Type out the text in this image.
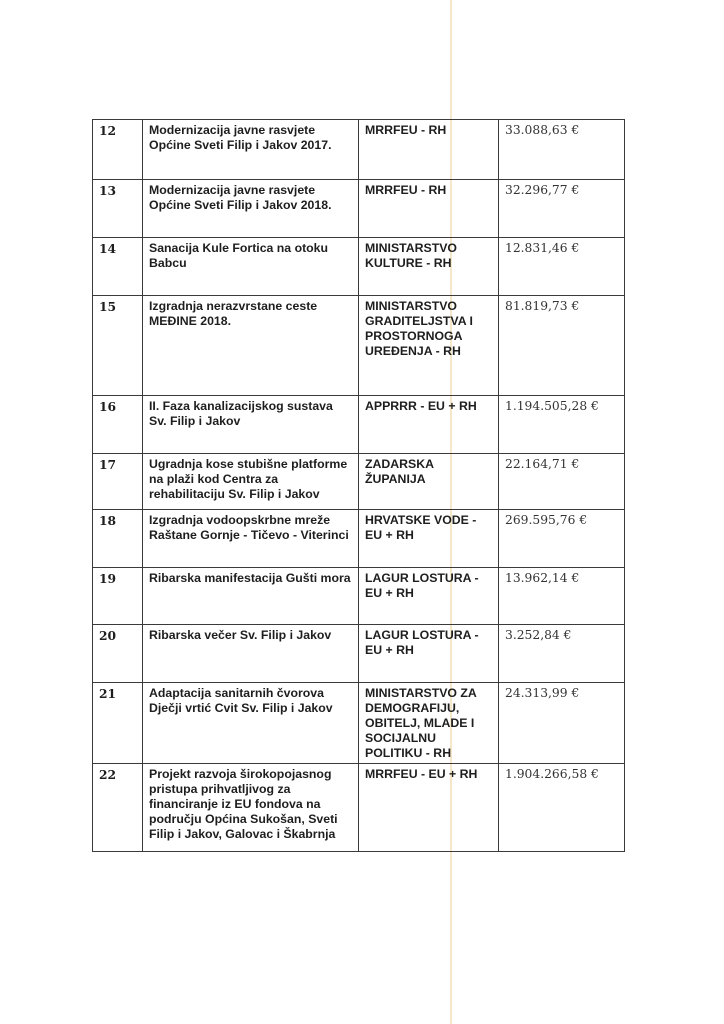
12	Modernizacija javne rasvjete Općine Sveti Filip i Jakov 2017.	MRRFEU - RH	33.088,63 €
13	Modernizacija javne rasvjete Općine Sveti Filip i Jakov 2018.	MRRFEU - RH	32.296,77 €
14	Sanacija Kule Fortica na otoku Babcu	MINISTARSTVO KULTURE - RH	12.831,46 €
15	Izgradnja nerazvrstane ceste MEĐINE 2018.	MINISTARSTVO GRADITELJSTVA I PROSTORNOGA UREĐENJA - RH	81.819,73 €
16	II. Faza kanalizacijskog sustava Sv. Filip i Jakov	APPRRR - EU + RH	1.194.505,28 €
17	Ugradnja kose stubišne platforme na plaži kod Centra za rehabilitaciju Sv. Filip i Jakov	ZADARSKA ŽUPANIJA	22.164,71 €
18	Izgradnja vodoopskrbne mreže Raštane Gornje - Tičevo - Viterinci	HRVATSKE VODE - EU + RH	269.595,76 €
19	Ribarska manifestacija Gušti mora	LAGUR LOSTURA - EU + RH	13.962,14 €
20	Ribarska večer Sv. Filip i Jakov	LAGUR LOSTURA - EU + RH	3.252,84 €
21	Adaptacija sanitarnih čvorova Dječji vrtić Cvit Sv. Filip i Jakov	MINISTARSTVO ZA DEMOGRAFIJU, OBITELJ, MLADE I SOCIJALNU POLITIKU - RH	24.313,99 €
22	Projekt razvoja širokopojasnog pristupa prihvatljivog za financiranje iz EU fondova na području Općina Sukošan, Sveti Filip i Jakov, Galovac i Škabrnja	MRRFEU - EU + RH	1.904.266,58 €
